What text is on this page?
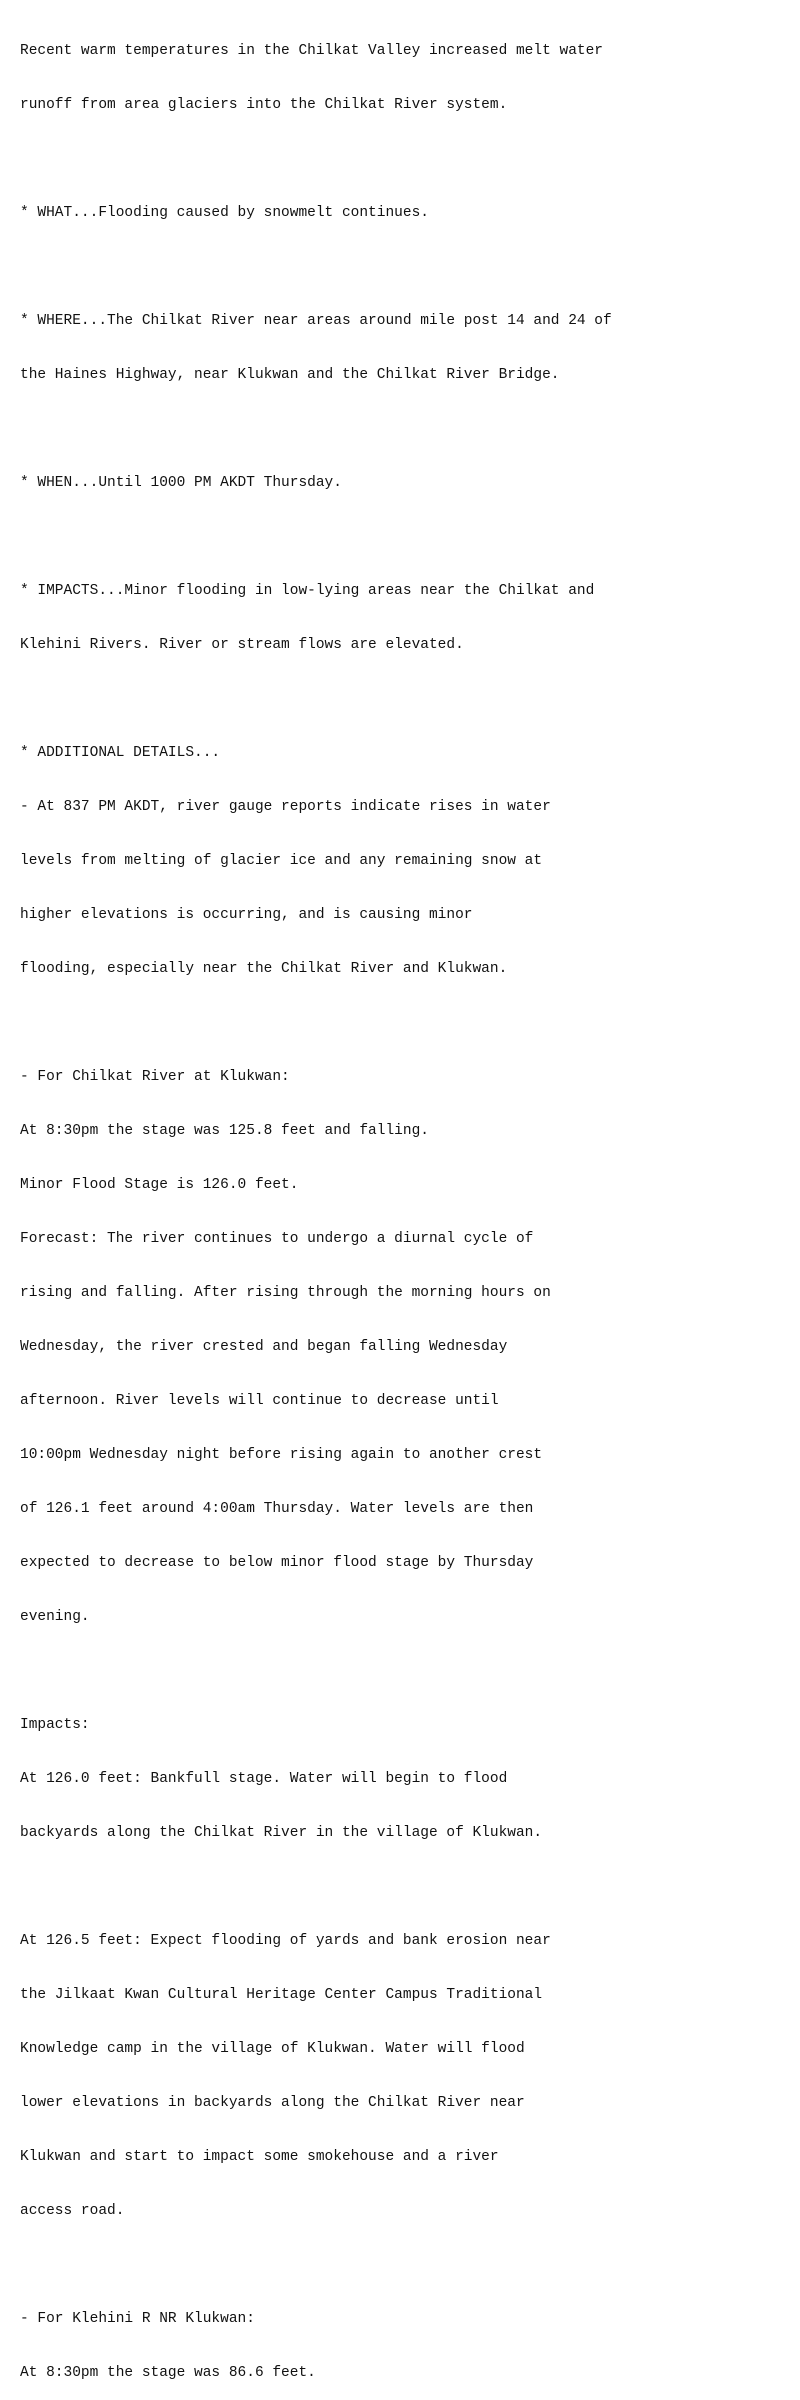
Recent warm temperatures in the Chilkat Valley increased melt water

runoff from area glaciers into the Chilkat River system.

* WHAT...Flooding caused by snowmelt continues.

* WHERE...The Chilkat River near areas around mile post 14 and 24 of

the Haines Highway, near Klukwan and the Chilkat River Bridge.

* WHEN...Until 1000 PM AKDT Thursday.

* IMPACTS...Minor flooding in low-lying areas near the Chilkat and

Klehini Rivers. River or stream flows are elevated.

* ADDITIONAL DETAILS...

- At 837 PM AKDT, river gauge reports indicate rises in water

levels from melting of glacier ice and any remaining snow at

higher elevations is occurring, and is causing minor

flooding, especially near the Chilkat River and Klukwan.

- For Chilkat River at Klukwan:

At 8:30pm the stage was 125.8 feet and falling.

Minor Flood Stage is 126.0 feet.

Forecast: The river continues to undergo a diurnal cycle of

rising and falling. After rising through the morning hours on

Wednesday, the river crested and began falling Wednesday

afternoon. River levels will continue to decrease until

10:00pm Wednesday night before rising again to another crest

of 126.1 feet around 4:00am Thursday. Water levels are then

expected to decrease to below minor flood stage by Thursday

evening.

Impacts:

At 126.0 feet: Bankfull stage. Water will begin to flood

backyards along the Chilkat River in the village of Klukwan.

At 126.5 feet: Expect flooding of yards and bank erosion near

the Jilkaat Kwan Cultural Heritage Center Campus Traditional

Knowledge camp in the village of Klukwan. Water will flood

lower elevations in backyards along the Chilkat River near

Klukwan and start to impact some smokehouse and a river

access road.

- For Klehini R NR Klukwan:

At 8:30pm the stage was 86.6 feet.
